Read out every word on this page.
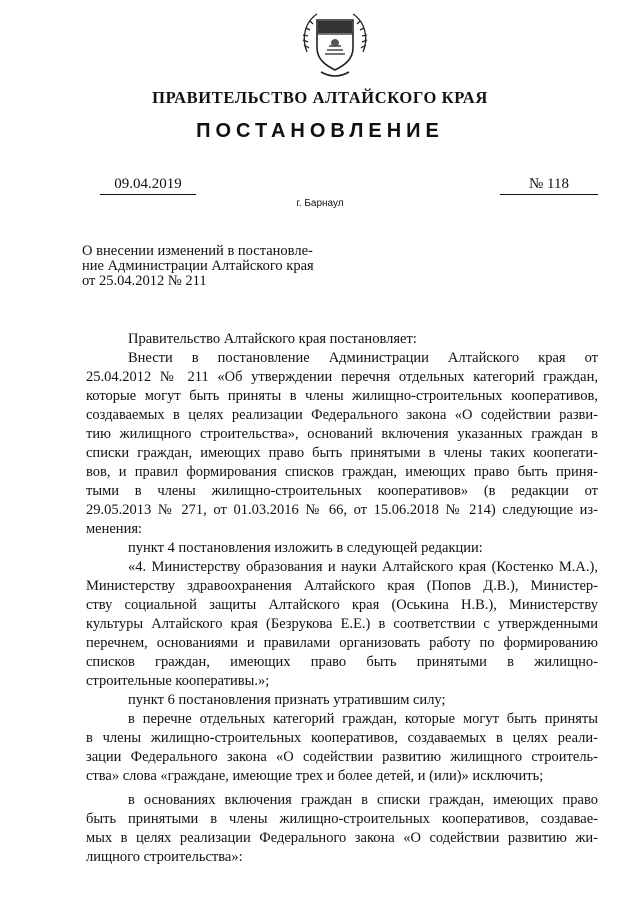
ПРАВИТЕЛЬСТВО АЛТАЙСКОГО КРАЯ
ПОСТАНОВЛЕНИЕ
09.04.2019	№ 118
г. Барнаул
О внесении изменений в постановле-
ние Администрации Алтайского края
от 25.04.2012 № 211
Правительство Алтайского края постановляет:
Внести в постановление Администрации Алтайского края от
25.04.2012 № 211 «Об утверждении перечня отдельных категорий граждан,
которые могут быть приняты в члены жилищно-строительных кооперативов,
создаваемых в целях реализации Федерального закона «О содействии разви-
тию жилищного строительства», оснований включения указанных граждан в
списки граждан, имеющих право быть принятыми в члены таких коопerати-
вов, и правил формирования списков граждан, имеющих право быть приня-
тыми в члены жилищно-строительных кооперативов» (в редакции от
29.05.2013 № 271, от 01.03.2016 № 66, от 15.06.2018 № 214) следующие из-
менения:
пункт 4 постановления изложить в следующей редакции:
«4. Министерству образования и науки Алтайского края (Костенко М.А.),
Министерству здравоохранения Алтайского края (Попов Д.В.), Министер-
ству социальной защиты Алтайского края (Оськина Н.В.), Министерству
культуры Алтайского края (Безрукова Е.Е.) в соответствии с утвержденными
перечнем, основаниями и правилами организовать работу по формированию
списков граждан, имеющих право быть принятыми в жилищно-
строительные кооперативы.»;
пункт 6 постановления признать утратившим силу;
в перечне отдельных категорий граждан, которые могут быть приняты
в члены жилищно-строительных кооперативов, создаваемых в целях реали-
зации Федерального закона «О содействии развитию жилищного строитель-
ства» слова «граждане, имеющие трех и более детей, и (или)» исключить;
в основаниях включения граждан в списки граждан, имеющих право
быть принятыми в члены жилищно-строительных кооперативов, создавае-
мых в целях реализации Федерального закона «О содействии развитию жи-
лищного строительства»:
